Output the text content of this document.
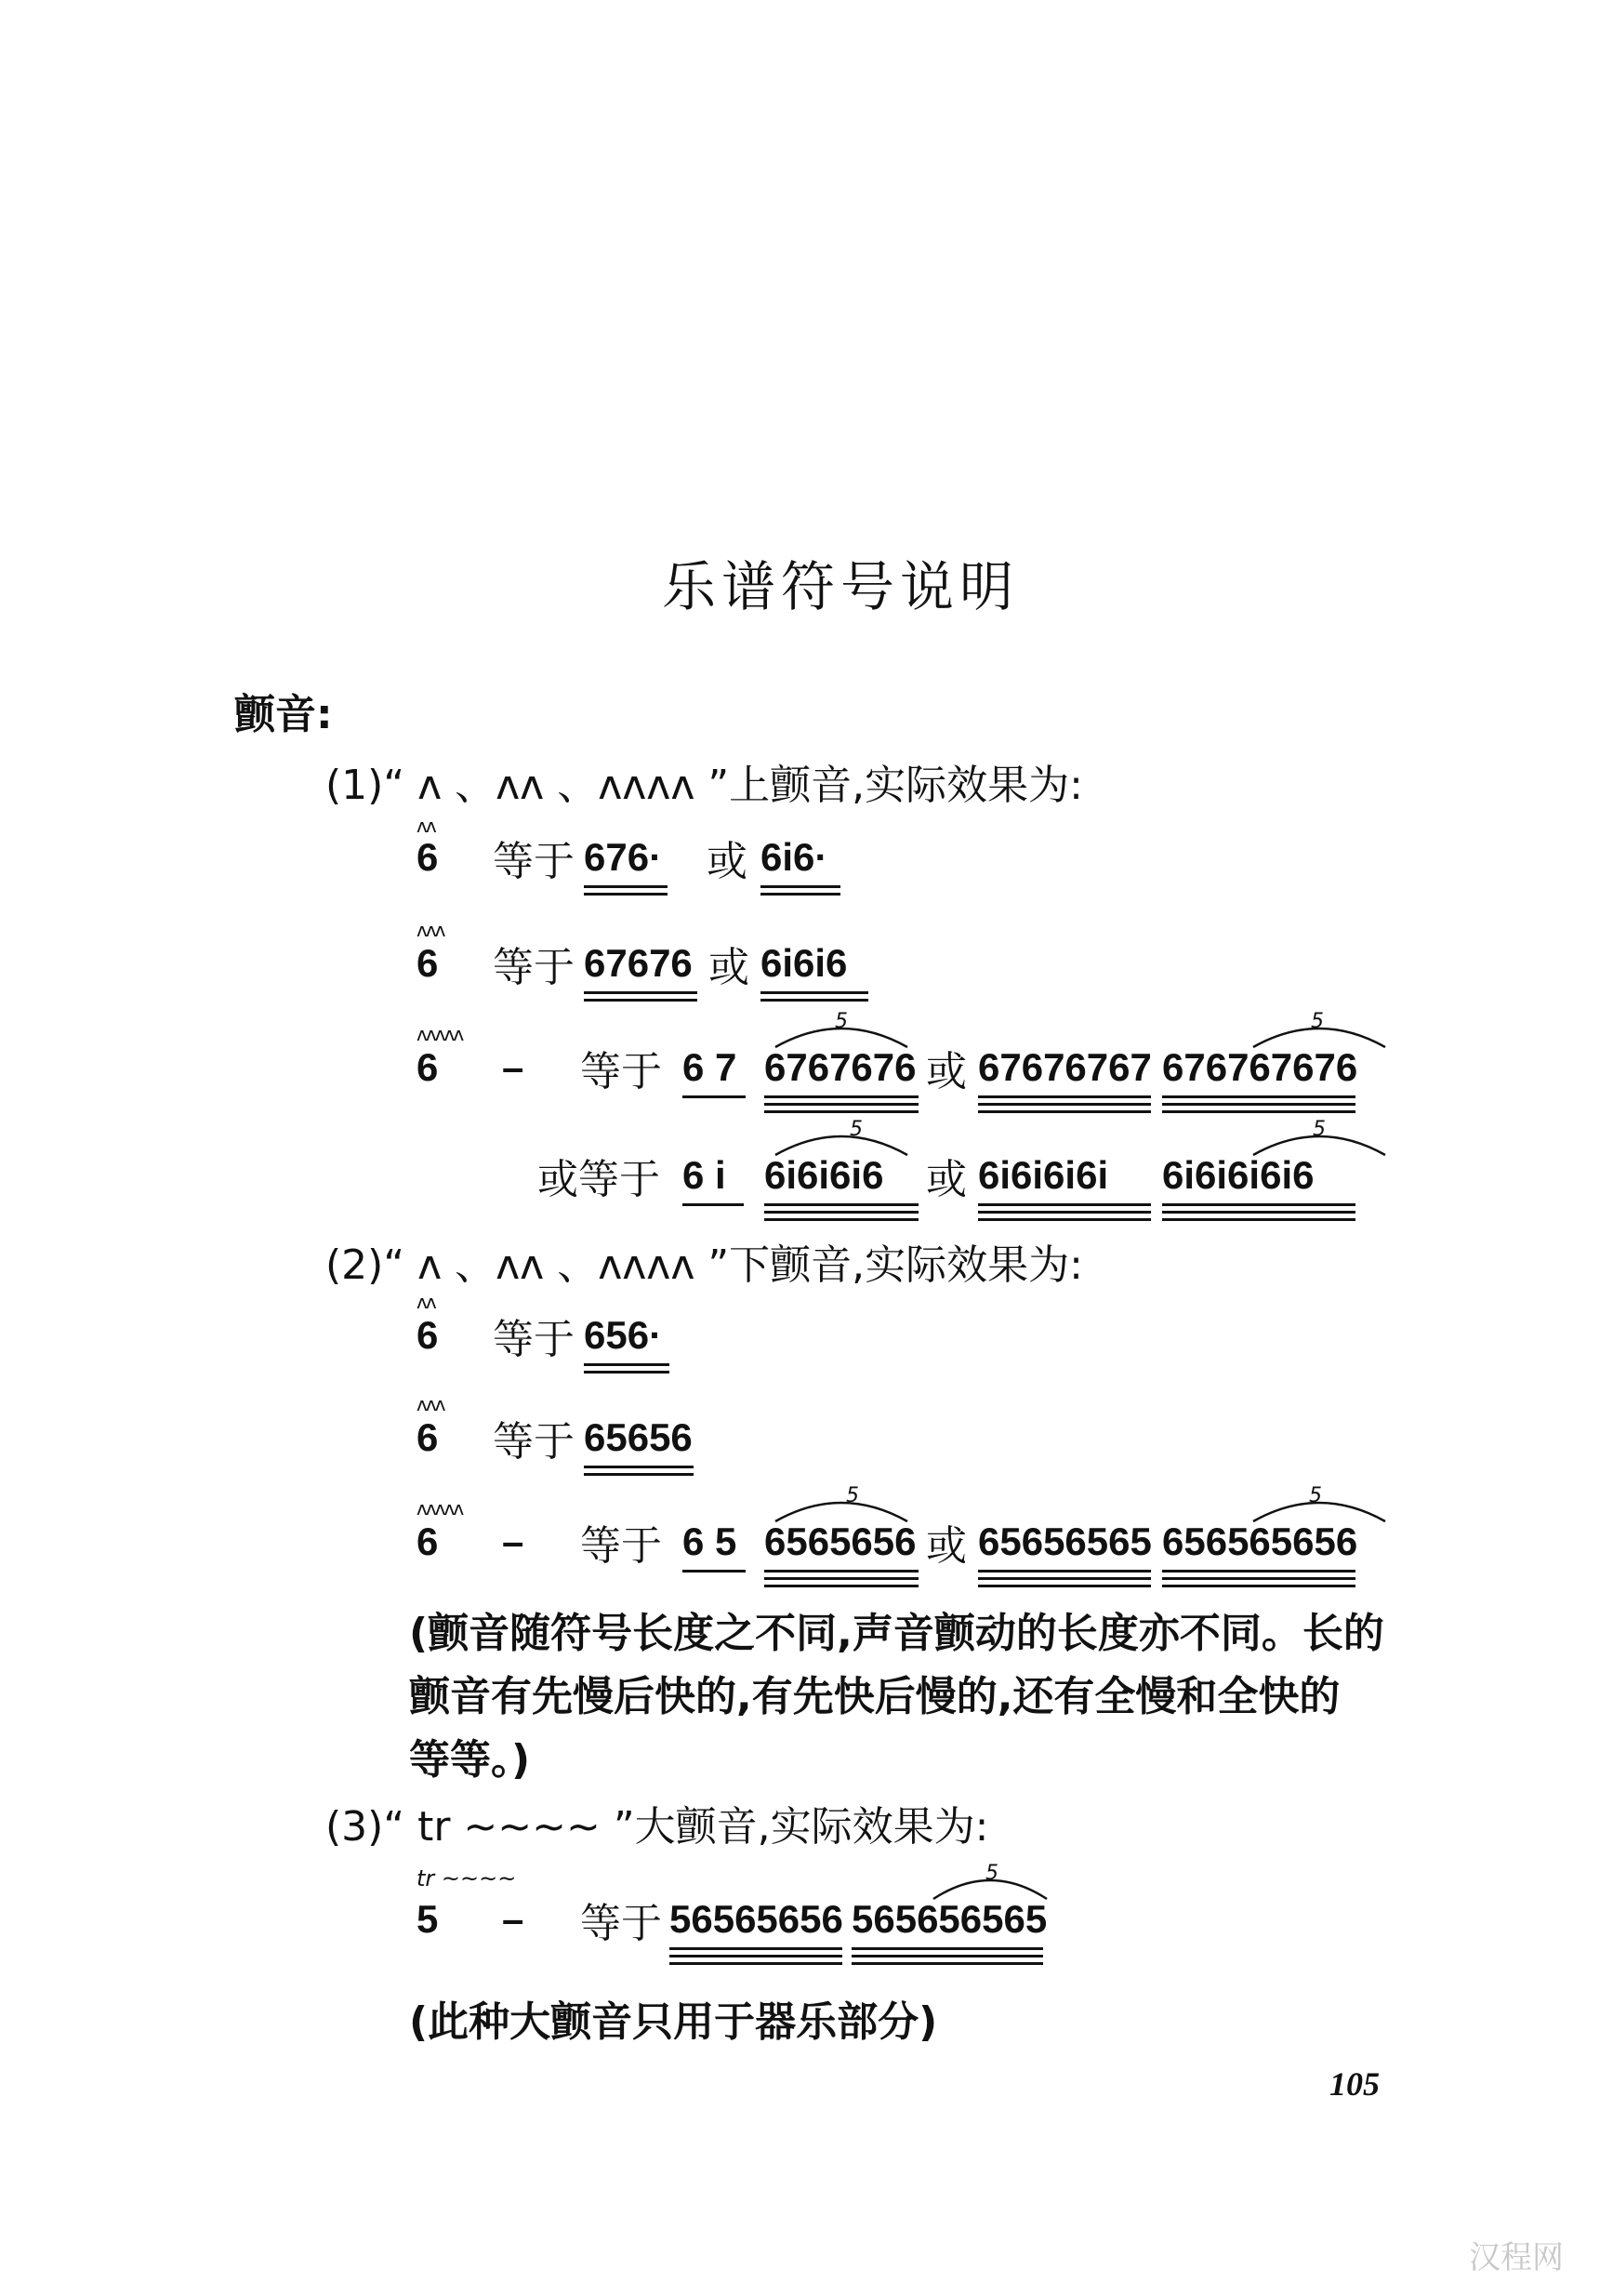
乐谱符号说明
颤音:
(1)“ ʌ 、ʌʌ 、ʌʌʌʌ ”上颤音,实际效果为:
ʌʌ
6 等于 676· 或 6i6·
ʌʌʌ
6 等于 67676 或 6i6i6
ʌʌʌʌʌ
6 – 等于 6 7 6767676
5
或 67676767 676767676
5
或等于 6 i 6i6i6i6
5
或 6i6i6i6i 6i6i6i6i6
5
(2)“ ʌ 、ʌʌ 、ʌʌʌʌ ”下颤音,实际效果为:
ʌʌ
6 等于 656·
ʌʌʌ
6 等于 65656
ʌʌʌʌʌ
6 – 等于 6 5 6565656
5
或 65656565 656565656
5
(颤音随符号长度之不同,声音颤动的长度亦不同。长的
颤音有先慢后快的,有先快后慢的,还有全慢和全快的
等等。)
(3)“ tr ~~~~ ”大颤音,实际效果为:
tr ~~~~
5 – 等于 56565656 565656565
5
(此种大颤音只用于器乐部分)
105
汉程网
